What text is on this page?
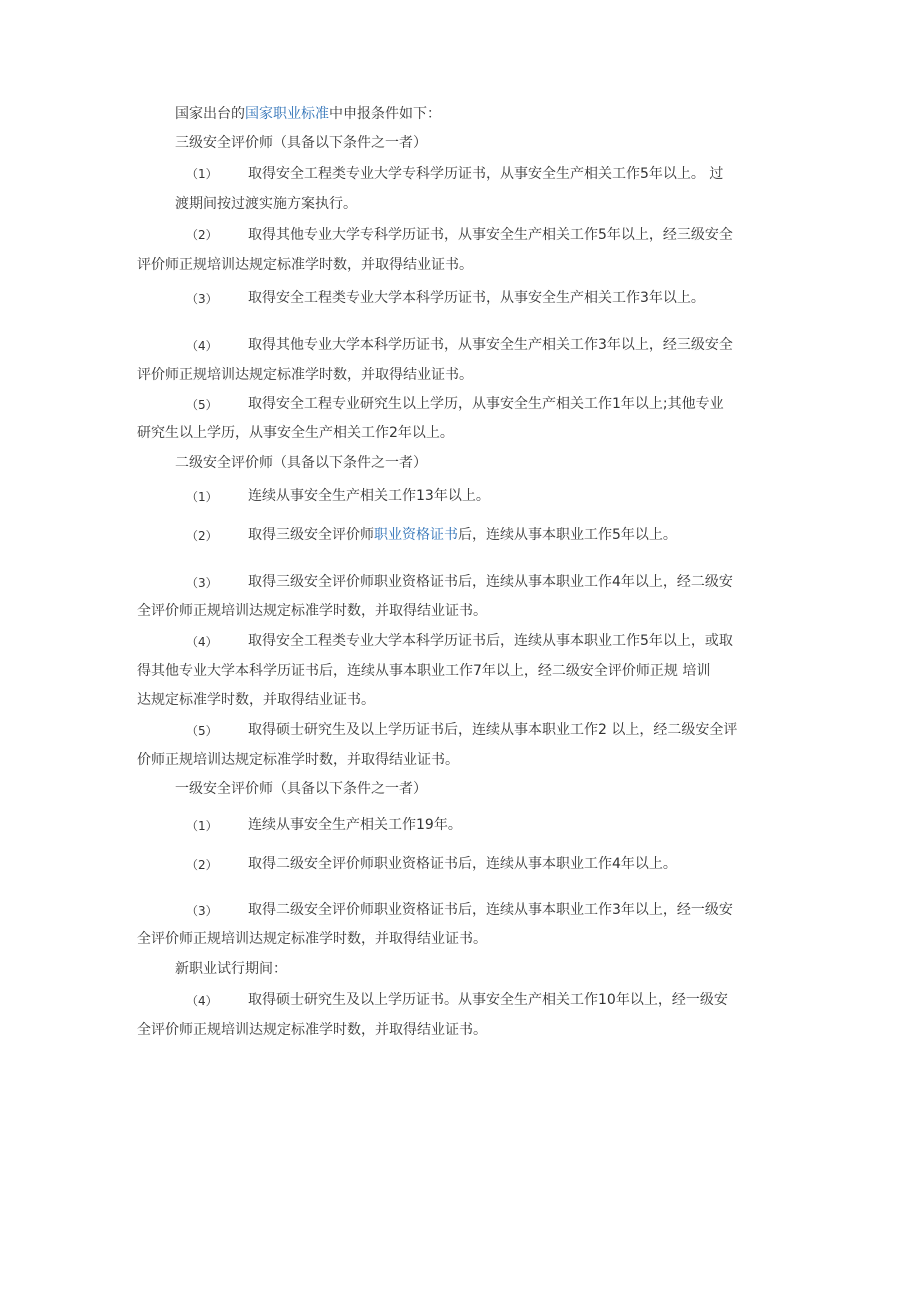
国家出台的国家职业标准中申报条件如下：
三级安全评价师（具备以下条件之一者）
（1） 取得安全工程类专业大学专科学历证书，从事安全生产相关工作5年以上。 过
渡期间按过渡实施方案执行。
（2） 取得其他专业大学专科学历证书，从事安全生产相关工作5年以上，经三级安全
评价师正规培训达规定标准学时数，并取得结业证书。
（3） 取得安全工程类专业大学本科学历证书，从事安全生产相关工作3年以上。
（4） 取得其他专业大学本科学历证书，从事安全生产相关工作3年以上，经三级安全
评价师正规培训达规定标准学时数，并取得结业证书。
（5） 取得安全工程专业研究生以上学历，从事安全生产相关工作1年以上;其他专业
研究生以上学历，从事安全生产相关工作2年以上。
二级安全评价师（具备以下条件之一者）
（1） 连续从事安全生产相关工作13年以上。
（2） 取得三级安全评价师职业资格证书后，连续从事本职业工作5年以上。
（3） 取得三级安全评价师职业资格证书后，连续从事本职业工作4年以上，经二级安
全评价师正规培训达规定标准学时数，并取得结业证书。
（4） 取得安全工程类专业大学本科学历证书后，连续从事本职业工作5年以上，或取
得其他专业大学本科学历证书后，连续从事本职业工作7年以上，经二级安全评价师正规 培训
达规定标准学时数，并取得结业证书。
（5） 取得硕士研究生及以上学历证书后，连续从事本职业工作2 以上，经二级安全评
价师正规培训达规定标准学时数，并取得结业证书。
一级安全评价师（具备以下条件之一者）
（1） 连续从事安全生产相关工作19年。
（2） 取得二级安全评价师职业资格证书后，连续从事本职业工作4年以上。
（3） 取得二级安全评价师职业资格证书后，连续从事本职业工作3年以上，经一级安
全评价师正规培训达规定标准学时数，并取得结业证书。
新职业试行期间：
（4） 取得硕士研究生及以上学历证书。从事安全生产相关工作10年以上，经一级安
全评价师正规培训达规定标准学时数，并取得结业证书。
